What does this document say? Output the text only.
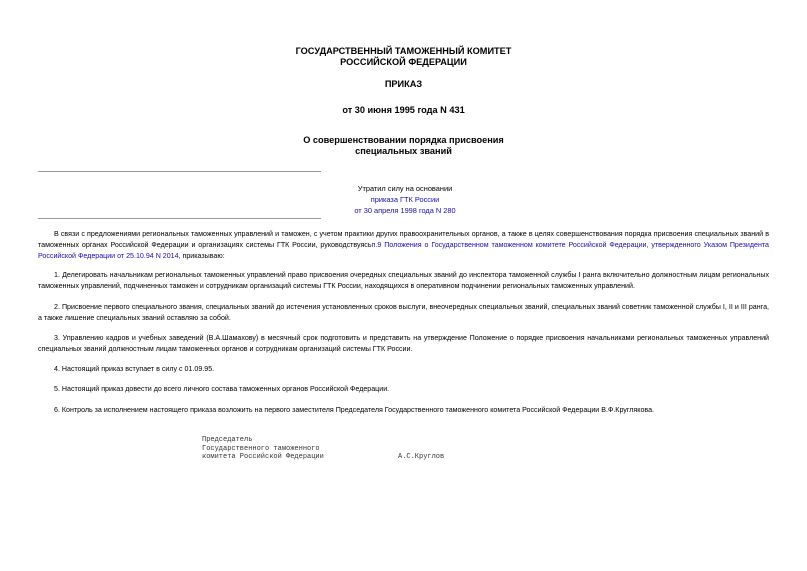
ГОСУДАРСТВЕННЫЙ ТАМОЖЕННЫЙ КОМИТЕТ
РОССИЙСКОЙ ФЕДЕРАЦИИ
ПРИКАЗ
от 30 июня 1995 года N 431
О совершенствовании порядка присвоения
специальных званий
Утратил силу на основании
приказа ГТК России
от 30 апреля 1998 года N 280
В связи с предложениями региональных таможенных управлений и таможен, с учетом практики других правоохранительных органов, а также в целях совершенствования порядка присвоения специальных званий в таможенных органах Российской Федерации и организациях системы ГТК России, руководствуясьп.9 Положения о Государственном таможенном комитете Российской Федерации, утвержденного Указом Президента Российской Федерации от 25.10.94 N 2014, приказываю:
1. Делегировать начальникам региональных таможенных управлений право присвоения очередных специальных званий до инспектора таможенной службы I ранга включительно должностным лицам региональных таможенных управлений, подчиненных таможен и сотрудникам организаций системы ГТК России, находящихся в оперативном подчинении региональных таможенных управлений.
2. Присвоение первого специального звания, специальных званий до истечения установленных сроков выслуги, внеочередных специальных званий, специальных званий советник таможенной службы I, II и III ранга, а также лишение специальных званий оставляю за собой.
3. Управлению кадров и учебных заведений (В.А.Шамахову) в месячный срок подготовить и представить на утверждение Положение о порядке присвоения начальниками региональных таможенных управлений специальных званий должностным лицам таможенных органов и сотрудникам организаций системы ГТК России.
4. Настоящий приказ вступает в силу с 01.09.95.
5. Настоящий приказ довести до всего личного состава таможенных органов Российской Федерации.
6. Контроль за исполнением настоящего приказа возложить на первого заместителя Председателя Государственного таможенного комитета Российской Федерации В.Ф.Круглякова.
Председатель
Государственного таможенного
комитета Российской Федерации	А.С.Круглов
